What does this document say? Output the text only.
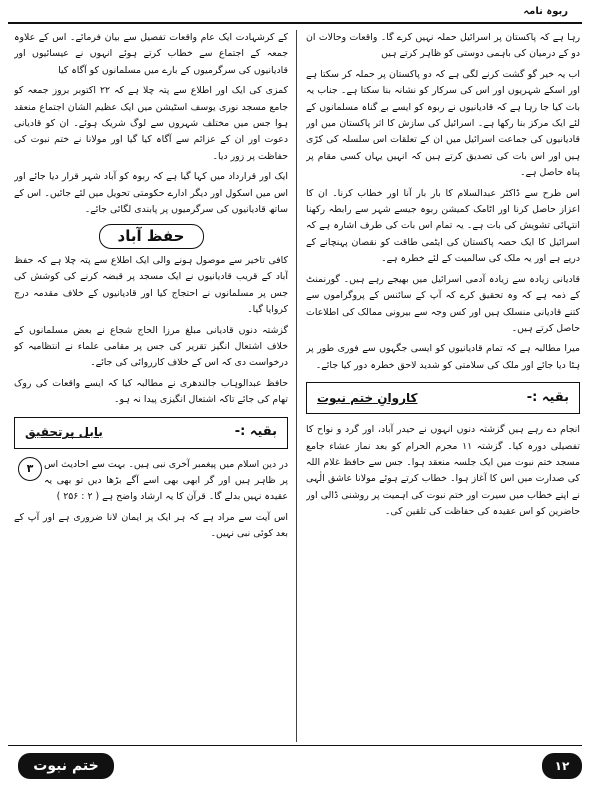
ربوہ نامہ

رہا ہے کہ پاکستان پر اسرائیل حملہ نہیں کرے گا۔ واقعات وحالات ان دو کے درمیان کی باہمی دوستی کو ظاہر کرتے ہیں

اب یہ خیر گو گشت کرنے لگی ہے کہ دو پاکستان پر حملہ کر سکتا ہے اور اسکے شہریوں اور اس کی سرکار کو نشانہ بنا سکتا ہے۔ جناب یہ بات کیا جا رہا ہے کہ قادیانیوں نے ربوہ کو ایسے بے گناہ مسلمانوں کے لئے ایک مرکز بنا رکھا ہے۔ اسرائیل کی سازش کا اثر پاکستان میں اور قادیانیوں کی جماعت اسرائیل میں ان کے تعلقات اس سلسلہ کی کڑی ہیں اور اس بات کی تصدیق کرتے ہیں کہ انہیں یہاں کسی مقام پر پناہ حاصل ہے۔

اس طرح سے ڈاکٹر عبدالسلام کا بار بار آنا اور خطاب کرنا۔ ان کا اعزاز حاصل کرنا اور اٹامک کمیشن ربوہ جیسے شہر سے رابطہ رکھنا انتہائی تشویش کی بات ہے۔ یہ تمام اس بات کی طرف اشارہ ہے کہ اسرائیل کا ایک حصہ پاکستان کی ایٹمی طاقت کو نقصان پہنچانے کے درپے ہے اور یہ ملک کی سالمیت کے لئے خطرہ ہے۔

قادیانی زیادہ سے زیادہ آدمی اسرائیل میں بھیجے رہے ہیں۔ گورنمنٹ کے ذمہ ہے کہ وہ تحقیق کرے کہ آپ کے سائنس کے پروگراموں سے کتنے قادیانی منسلک ہیں اور کس وجہ سے بیرونی ممالک کی اطلاعات حاصل کرتے ہیں۔

میرا مطالبہ ہے کہ تمام قادیانیوں کو ایسی جگہوں سے فوری طور پر ہٹا دیا جائے اور ملک کی سلامتی کو شدید لاحق خطرہ دور کیا جائے۔

بقیہ :-
کاروانِ ختم نبوت

انجام دے رہے ہیں گزشتہ دنوں انہوں نے حیدر آباد، اور گرد و نواح کا تفصیلی دورہ کیا۔ گزشتہ ۱۱ محرم الحرام کو بعد نماز عشاء جامع مسجد ختم نبوت میں ایک جلسہ منعقد ہوا۔ جس سے حافظ غلام اللہ کی صدارت میں اس کا آغاز ہوا۔ خطاب کرتے ہوئے مولانا عاشق الٰہی نے اپنے خطاب میں سیرت اور ختم نبوت کی اہمیت پر روشنی ڈالی اور حاضرین کو اس عقیدہ کی حفاظت کی تلقین کی۔

کے کرشہادت ایک عام واقعات تفصیل سے بیان فرمائے۔ اس کے علاوہ جمعہ کے اجتماع سے خطاب کرتے ہوئے انہوں نے عیسائیوں اور قادیانیوں کی سرگرمیوں کے بارے میں مسلمانوں کو آگاہ کیا

کمزی کی ایک اور اطلاع سے پتہ چلا ہے کہ ۲۲ اکتوبر بروز جمعہ کو جامع مسجد نوری یوسف اسٹیشن میں ایک عظیم الشان اجتماع منعقد ہوا جس میں مختلف شہروں سے لوگ شریک ہوئے۔ ان کو قادیانی دعوت اور ان کے عزائم سے آگاہ کیا گیا اور مولانا نے ختم نبوت کی حفاظت پر زور دیا۔

ایک اور قرارداد میں کہا گیا ہے کہ ربوہ کو آباد شہر قرار دیا جائے اور اس میں اسکول اور دیگر ادارے حکومتی تحویل میں لئے جائیں۔ اس کے ساتھ قادیانیوں کی سرگرمیوں پر پابندی لگائی جائے۔

حفظ آباد

کافی تاخیر سے موصول ہونے والی ایک اطلاع سے پتہ چلا ہے کہ حفظ آباد کے قریب قادیانیوں نے ایک مسجد پر قبضہ کرنے کی کوشش کی جس پر مسلمانوں نے احتجاج کیا اور قادیانیوں کے خلاف مقدمہ درج کروایا گیا۔

گزشتہ دنوں قادیانی مبلغ مرزا الحاج شجاع نے بعض مسلمانوں کے خلاف اشتعال انگیز تقریر کی جس پر مقامی علماء نے انتظامیہ کو درخواست دی کہ اس کے خلاف کارروائی کی جائے۔

حافظ عبدالوہاب جالندھری نے مطالبہ کیا کہ ایسے واقعات کی روک تھام کی جائے تاکہ اشتعال انگیزی پیدا نہ ہو۔

بقیہ :-
بابل پرتحقیق
۳	در دین اسلام میں پیغمبر آخری نبی ہیں۔ بہت سے احادیث اس پر ظاہر ہیں اور گر ابھی بھی اسے آگے بڑھا دیں تو بھی یہ عقیدہ نہیں بدلے گا۔ قرآن کا یہ ارشاد واضح ہے ( ۲ : ۲۵۶ )

اس آیت سے مراد ہے کہ ہر ایک پر ایمان لانا ضروری ہے اور آپ کے بعد کوئی نبی نہیں۔

ختم نبوت	۱۲
